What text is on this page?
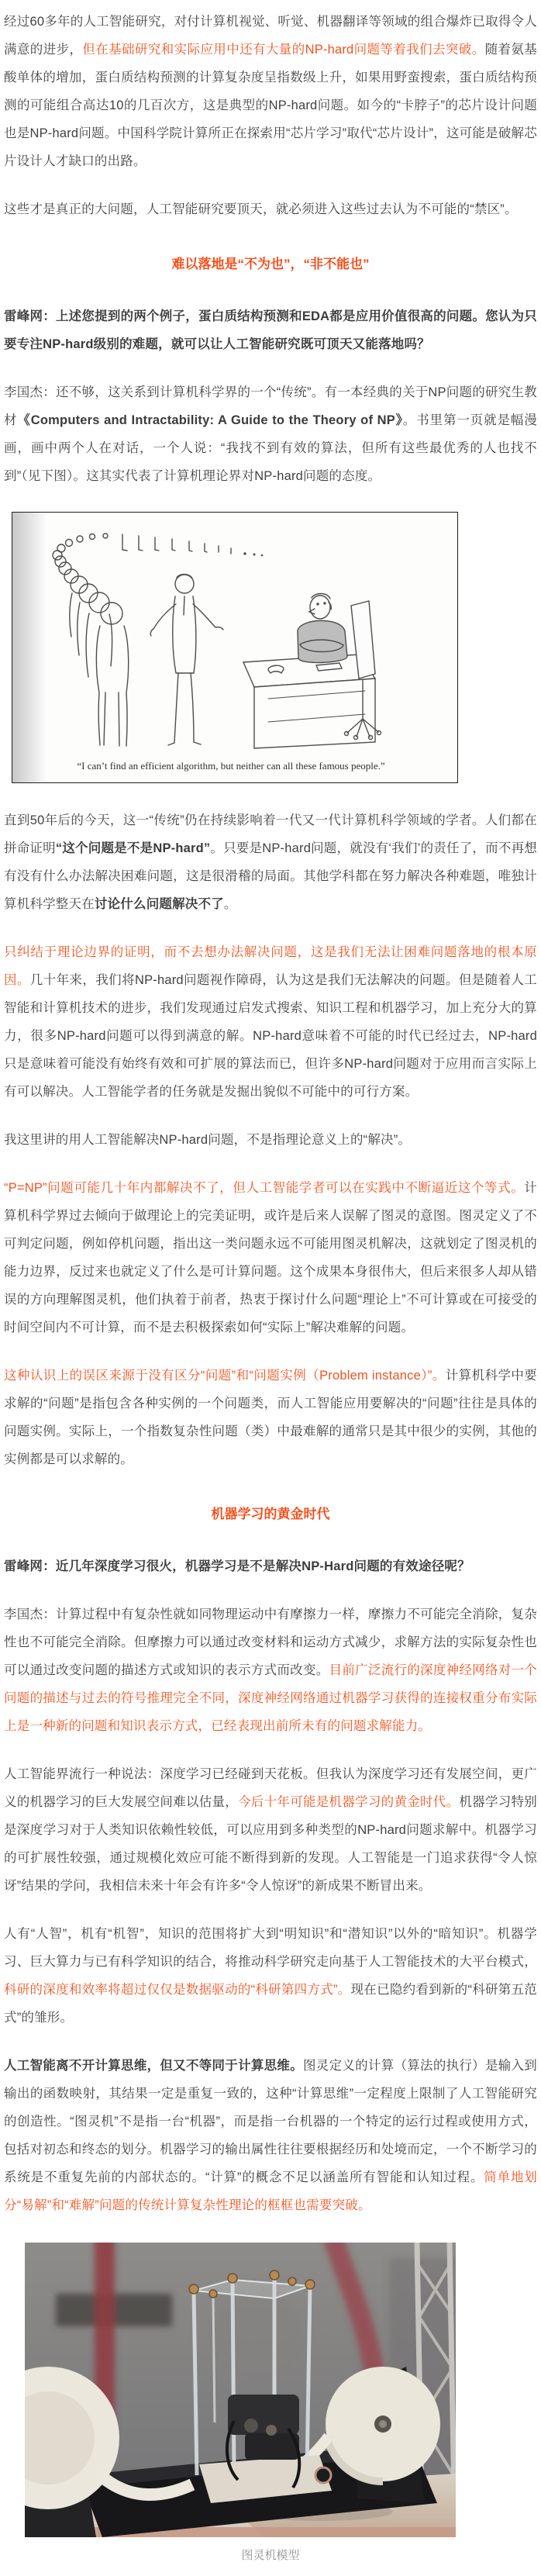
经过60多年的人工智能研究，对付计算机视觉、听觉、机器翻译等领域的组合爆炸已取得令人满意的进步，但在基础研究和实际应用中还有大量的NP-hard问题等着我们去突破。随着氨基酸单体的增加，蛋白质结构预测的计算复杂度呈指数级上升，如果用野蛮搜索，蛋白质结构预测的可能组合高达10的几百次方，这是典型的NP-hard问题。如今的“卡脖子”的芯片设计问题也是NP-hard问题。中国科学院计算所正在探索用“芯片学习”取代“芯片设计”，这可能是破解芯片设计人才缺口的出路。

这些才是真正的大问题，人工智能研究要顶天，就必须进入这些过去认为不可能的“禁区”。

难以落地是“不为也”，“非不能也”

雷峰网：上述您提到的两个例子，蛋白质结构预测和EDA都是应用价值很高的问题。您认为只要专注NP-hard级别的难题，就可以让人工智能研究既可顶天又能落地吗？

李国杰：还不够，这关系到计算机科学界的一个“传统”。有一本经典的关于NP问题的研究生教材《Computers and Intractability: A Guide to the Theory of NP》。书里第一页就是幅漫画，画中两个人在对话，一个人说：“我找不到有效的算法，但所有这些最优秀的人也找不到”（见下图）。这其实代表了计算机理论界对NP-hard问题的态度。

“I can’t find an efficient algorithm, but neither can all these famous people.”

直到50年后的今天，这一“传统”仍在持续影响着一代又一代计算机科学领域的学者。人们都在拼命证明“这个问题是不是NP-hard”。只要是NP-hard问题，就没有‘我们’的责任了，而不再想有没有什么办法解决困难问题，这是很滑稽的局面。其他学科都在努力解决各种难题，唯独计算机科学整天在讨论什么问题解决不了。

只纠结于理论边界的证明，而不去想办法解决问题，这是我们无法让困难问题落地的根本原因。几十年来，我们将NP-hard问题视作障碍，认为这是我们无法解决的问题。但是随着人工智能和计算机技术的进步，我们发现通过启发式搜索、知识工程和机器学习，加上充分大的算力，很多NP-hard问题可以得到满意的解。NP-hard意味着不可能的时代已经过去，NP-hard只是意味着可能没有始终有效和可扩展的算法而已，但许多NP-hard问题对于应用而言实际上有可以解决。人工智能学者的任务就是发掘出貌似不可能中的可行方案。

我这里讲的用人工智能解决NP-hard问题，不是指理论意义上的“解决”。

“P=NP”问题可能几十年内都解决不了，但人工智能学者可以在实践中不断逼近这个等式。计算机科学界过去倾向于做理论上的完美证明，或许是后来人误解了图灵的意图。图灵定义了不可判定问题，例如停机问题，指出这一类问题永远不可能用图灵机解决，这就划定了图灵机的能力边界，反过来也就定义了什么是可计算问题。这个成果本身很伟大，但后来很多人却从错误的方向理解图灵机，他们执着于前者，热衷于探讨什么问题“理论上”不可计算或在可接受的时间空间内不可计算，而不是去积极探索如何“实际上”解决难解的问题。

这种认识上的误区来源于没有区分“问题”和“问题实例（Problem instance）”。计算机科学中要求解的“问题”是指包含各种实例的一个问题类，而人工智能应用要解决的“问题”往往是具体的问题实例。实际上，一个指数复杂性问题（类）中最难解的通常只是其中很少的实例，其他的实例都是可以求解的。

机器学习的黄金时代

雷峰网：近几年深度学习很火，机器学习是不是解决NP-Hard问题的有效途径呢？

李国杰：计算过程中有复杂性就如同物理运动中有摩擦力一样，摩擦力不可能完全消除，复杂性也不可能完全消除。但摩擦力可以通过改变材料和运动方式减少，求解方法的实际复杂性也可以通过改变问题的描述方式或知识的表示方式而改变。目前广泛流行的深度神经网络对一个问题的描述与过去的符号推理完全不同，深度神经网络通过机器学习获得的连接权重分布实际上是一种新的问题和知识表示方式，已经表现出前所未有的问题求解能力。

人工智能界流行一种说法：深度学习已经碰到天花板。但我认为深度学习还有发展空间，更广义的机器学习的巨大发展空间难以估量，今后十年可能是机器学习的黄金时代。机器学习特别是深度学习对于人类知识依赖性较低，可以应用到多种类型的NP-hard问题求解中。机器学习的可扩展性较强，通过规模化效应可能不断得到新的发现。人工智能是一门追求获得“令人惊讶”结果的学问，我相信未来十年会有许多“令人惊讶”的新成果不断冒出来。

人有“人智”，机有“机智”，知识的范围将扩大到“明知识”和“潜知识”以外的“暗知识”。机器学习、巨大算力与已有科学知识的结合，将推动科学研究走向基于人工智能技术的大平台模式，科研的深度和效率将超过仅仅是数据驱动的“科研第四方式”。现在已隐约看到新的“科研第五范式”的雏形。

人工智能离不开计算思维，但又不等同于计算思维。图灵定义的计算（算法的执行）是输入到输出的函数映射，其结果一定是重复一致的，这种“计算思维”一定程度上限制了人工智能研究的创造性。“图灵机”不是指一台“机器”，而是指一台机器的一个特定的运行过程或使用方式，包括对初态和终态的划分。机器学习的输出属性往往要根据经历和处境而定，一个不断学习的系统是不重复先前的内部状态的。“计算”的概念不足以涵盖所有智能和认知过程。简单地划分“易解”和“难解”问题的传统计算复杂性理论的框框也需要突破。

图灵机模型
